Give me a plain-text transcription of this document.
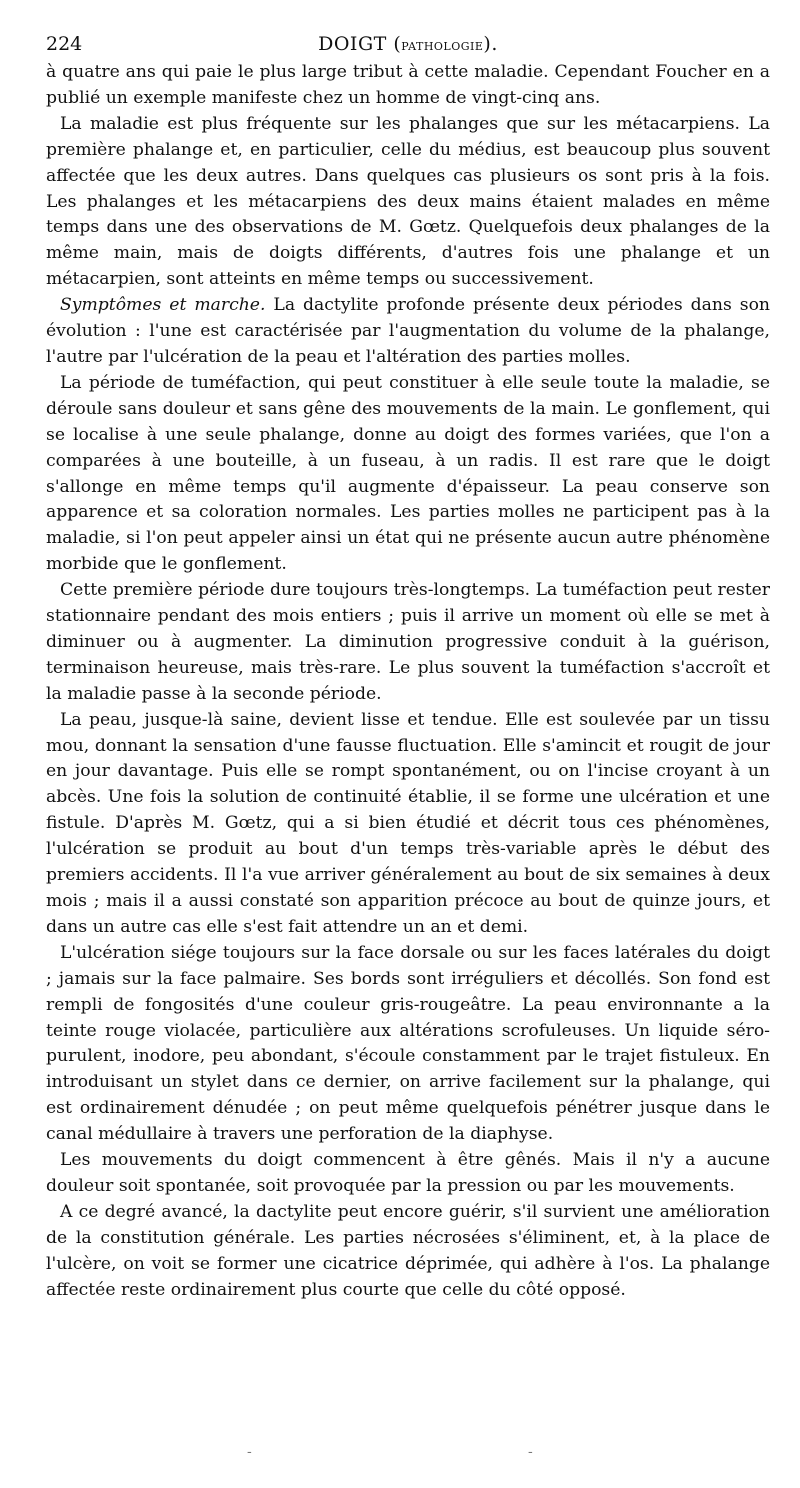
224	DOIGT (pathologie).

à quatre ans qui paie le plus large tribut à cette maladie. Cependant Foucher en a publié un exemple manifeste chez un homme de vingt-cinq ans.

La maladie est plus fréquente sur les phalanges que sur les métacarpiens. La première phalange et, en particulier, celle du médius, est beaucoup plus souvent affectée que les deux autres. Dans quelques cas plusieurs os sont pris à la fois. Les phalanges et les métacarpiens des deux mains étaient malades en même temps dans une des observations de M. Gœtz. Quelquefois deux phalanges de la même main, mais de doigts différents, d'autres fois une phalange et un métacarpien, sont atteints en même temps ou successivement.

Symptômes et marche. La dactylite profonde présente deux périodes dans son évolution : l'une est caractérisée par l'augmentation du volume de la phalange, l'autre par l'ulcération de la peau et l'altération des parties molles.

La période de tuméfaction, qui peut constituer à elle seule toute la maladie, se déroule sans douleur et sans gêne des mouvements de la main. Le gonflement, qui se localise à une seule phalange, donne au doigt des formes variées, que l'on a comparées à une bouteille, à un fuseau, à un radis. Il est rare que le doigt s'allonge en même temps qu'il augmente d'épaisseur. La peau conserve son apparence et sa coloration normales. Les parties molles ne participent pas à la maladie, si l'on peut appeler ainsi un état qui ne présente aucun autre phénomène morbide que le gonflement.

Cette première période dure toujours très-longtemps. La tuméfaction peut rester stationnaire pendant des mois entiers ; puis il arrive un moment où elle se met à diminuer ou à augmenter. La diminution progressive conduit à la guérison, terminaison heureuse, mais très-rare. Le plus souvent la tuméfaction s'accroît et la maladie passe à la seconde période.

La peau, jusque-là saine, devient lisse et tendue. Elle est soulevée par un tissu mou, donnant la sensation d'une fausse fluctuation. Elle s'amincit et rougit de jour en jour davantage. Puis elle se rompt spontanément, ou on l'incise croyant à un abcès. Une fois la solution de continuité établie, il se forme une ulcération et une fistule. D'après M. Gœtz, qui a si bien étudié et décrit tous ces phénomènes, l'ulcération se produit au bout d'un temps très-variable après le début des premiers accidents. Il l'a vue arriver généralement au bout de six semaines à deux mois ; mais il a aussi constaté son apparition précoce au bout de quinze jours, et dans un autre cas elle s'est fait attendre un an et demi.

L'ulcération siége toujours sur la face dorsale ou sur les faces latérales du doigt ; jamais sur la face palmaire. Ses bords sont irréguliers et décollés. Son fond est rempli de fongosités d'une couleur gris-rougeâtre. La peau environnante a la teinte rouge violacée, particulière aux altérations scrofuleuses. Un liquide séro-purulent, inodore, peu abondant, s'écoule constamment par le trajet fistuleux. En introduisant un stylet dans ce dernier, on arrive facilement sur la phalange, qui est ordinairement dénudée ; on peut même quelquefois pénétrer jusque dans le canal médullaire à travers une perforation de la diaphyse.

Les mouvements du doigt commencent à être gênés. Mais il n'y a aucune douleur soit spontanée, soit provoquée par la pression ou par les mouvements.

A ce degré avancé, la dactylite peut encore guérir, s'il survient une amélioration de la constitution générale. Les parties nécrosées s'éliminent, et, à la place de l'ulcère, on voit se former une cicatrice déprimée, qui adhère à l'os. La phalange affectée reste ordinairement plus courte que celle du côté opposé.

-	-
